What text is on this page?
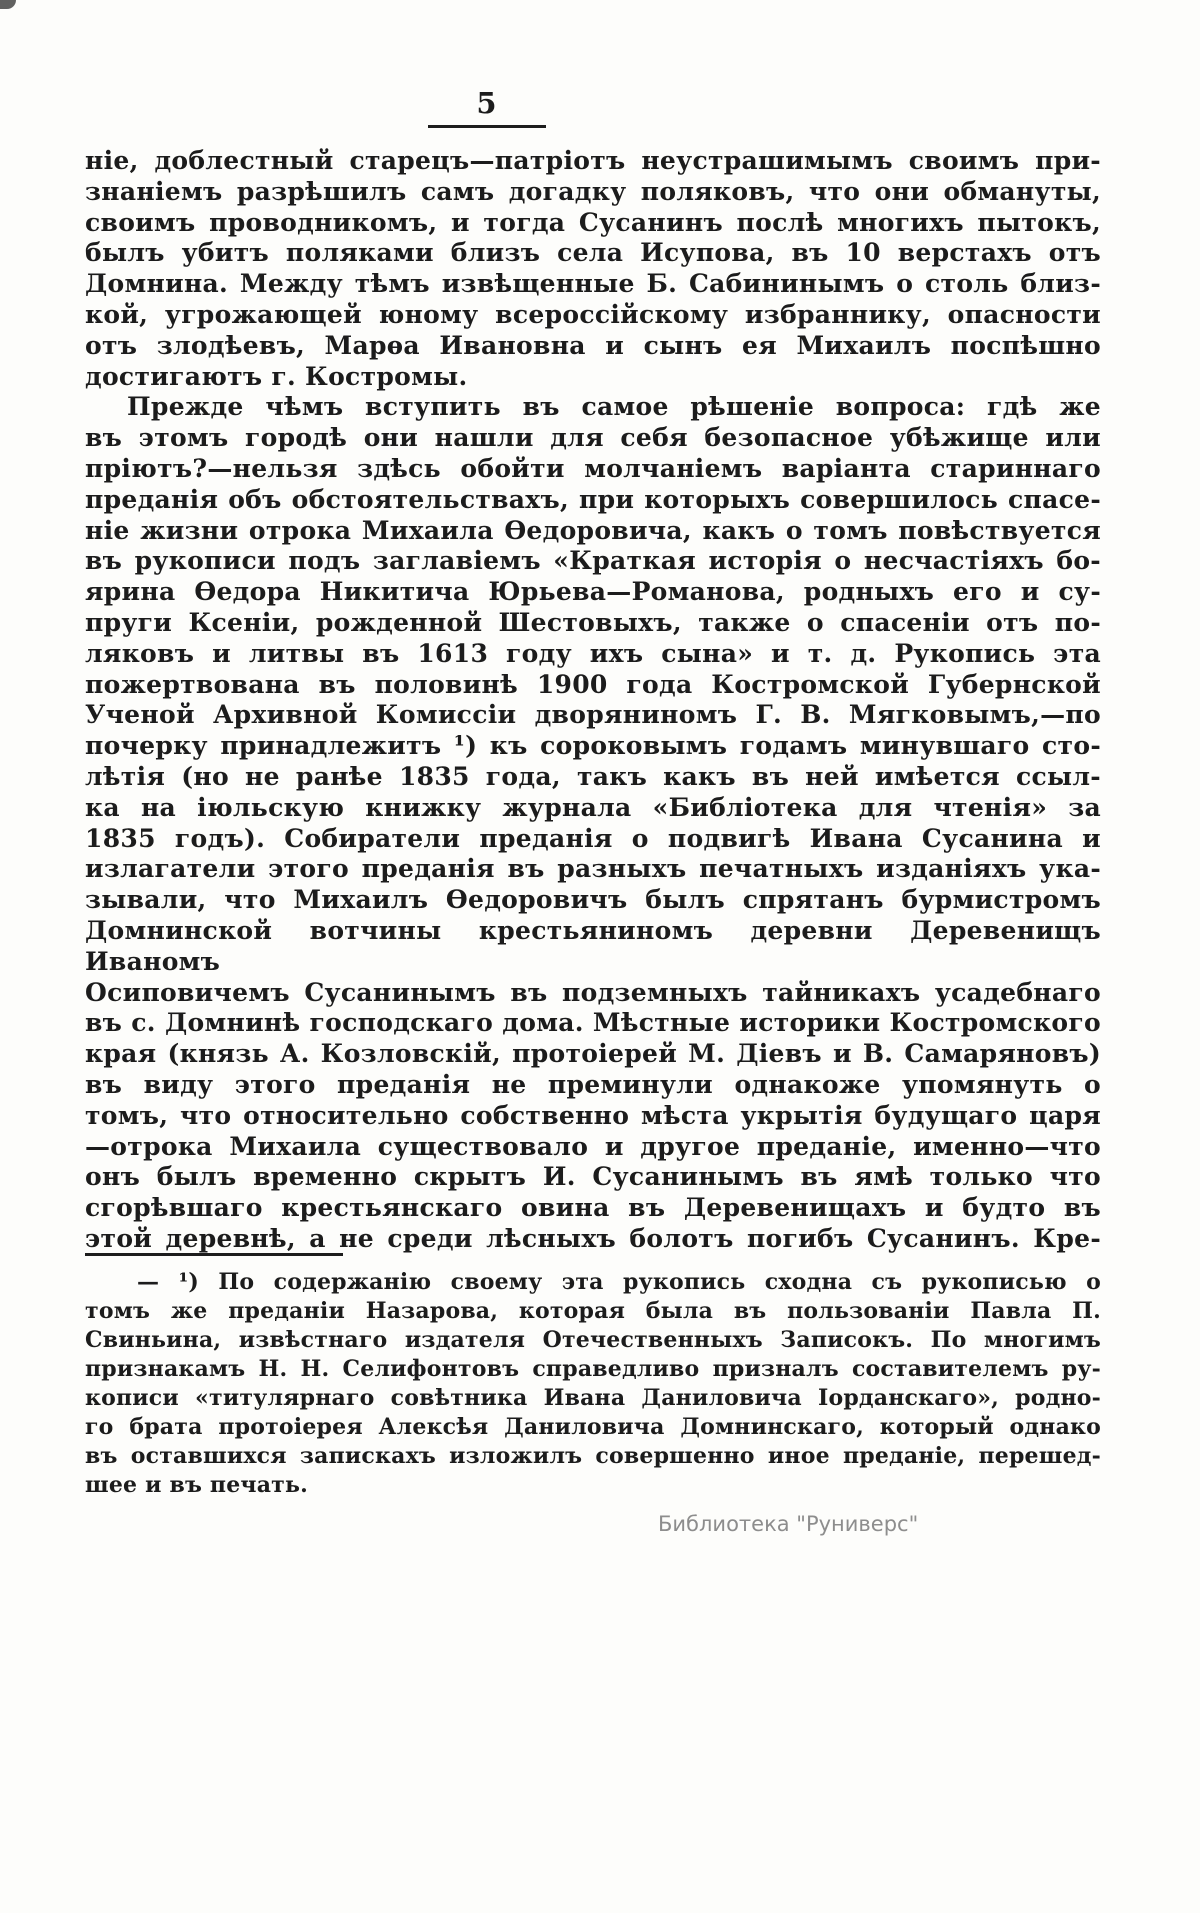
5
ніе, доблестный старецъ—патріотъ неустрашимымъ своимъ при-
знаніемъ разрѣшилъ самъ догадку поляковъ, что они обмануты,
своимъ проводникомъ, и тогда Сусанинъ послѣ многихъ пытокъ,
былъ убитъ поляками близъ села Исупова, въ 10 верстахъ отъ
Домнина. Между тѣмъ извѣщенные Б. Сабининымъ о столь близ-
кой, угрожающей юному всероссійскому избраннику, опасности
отъ злодѣевъ, Марѳа Ивановна и сынъ ея Михаилъ поспѣшно
достигаютъ г. Костромы.
Прежде чѣмъ вступить въ самое рѣшеніе вопроса: гдѣ же
въ этомъ городѣ они нашли для себя безопасное убѣжище или
пріютъ?—нельзя здѣсь обойти молчаніемъ варіанта стариннаго
преданія объ обстоятельствахъ, при которыхъ совершилось спасе-
ніе жизни отрока Михаила Ѳедоровича, какъ о томъ повѣствуется
въ рукописи подъ заглавіемъ «Краткая исторія о несчастіяхъ бо-
ярина Ѳедора Никитича Юрьева—Романова, родныхъ его и су-
пруги Ксеніи, рожденной Шестовыхъ, также о спасеніи отъ по-
ляковъ и литвы въ 1613 году ихъ сына» и т. д. Рукопись эта
пожертвована въ половинѣ 1900 года Костромской Губернской
Ученой Архивной Комиссіи дворяниномъ Г. В. Мягковымъ,—по
почерку принадлежитъ ¹) къ сороковымъ годамъ минувшаго сто-
лѣтія (но не ранѣе 1835 года, такъ какъ въ ней имѣется ссыл-
ка на іюльскую книжку журнала «Библіотека для чтенія» за
1835 годъ). Собиратели преданія о подвигѣ Ивана Сусанина и
излагатели этого преданія въ разныхъ печатныхъ изданіяхъ ука-
зывали, что Михаилъ Ѳедоровичъ былъ спрятанъ бурмистромъ
Домнинской вотчины крестьяниномъ деревни Деревенищъ Иваномъ
Осиповичемъ Сусанинымъ въ подземныхъ тайникахъ усадебнаго
въ с. Домнинѣ господскаго дома. Мѣстные историки Костромского
края (князь А. Козловскій, протоіерей М. Діевъ и В. Самаряновъ)
въ виду этого преданія не преминули однакоже упомянуть о
томъ, что относительно собственно мѣста укрытія будущаго царя
—отрока Михаила существовало и другое преданіе, именно—что
онъ былъ временно скрытъ И. Сусанинымъ въ ямѣ только что
сгорѣвшаго крестьянскаго овина въ Деревенищахъ и будто въ
этой деревнѣ, а не среди лѣсныхъ болотъ погибъ Сусанинъ. Кре-
— ¹) По содержанію своему эта рукопись сходна съ рукописью о
томъ же преданіи Назарова, которая была въ пользованіи Павла П.
Свиньина, извѣстнаго издателя Отечественныхъ Записокъ. По многимъ
признакамъ Н. Н. Селифонтовъ справедливо призналъ составителемъ ру-
кописи «титулярнаго совѣтника Ивана Даниловича Іорданскаго», родно-
го брата протоіерея Алексѣя Даниловича Домнинскаго, который однако
въ оставшихся запискахъ изложилъ совершенно иное преданіе, перешед-
шее и въ печать.
Библиотека "Руниверс"
